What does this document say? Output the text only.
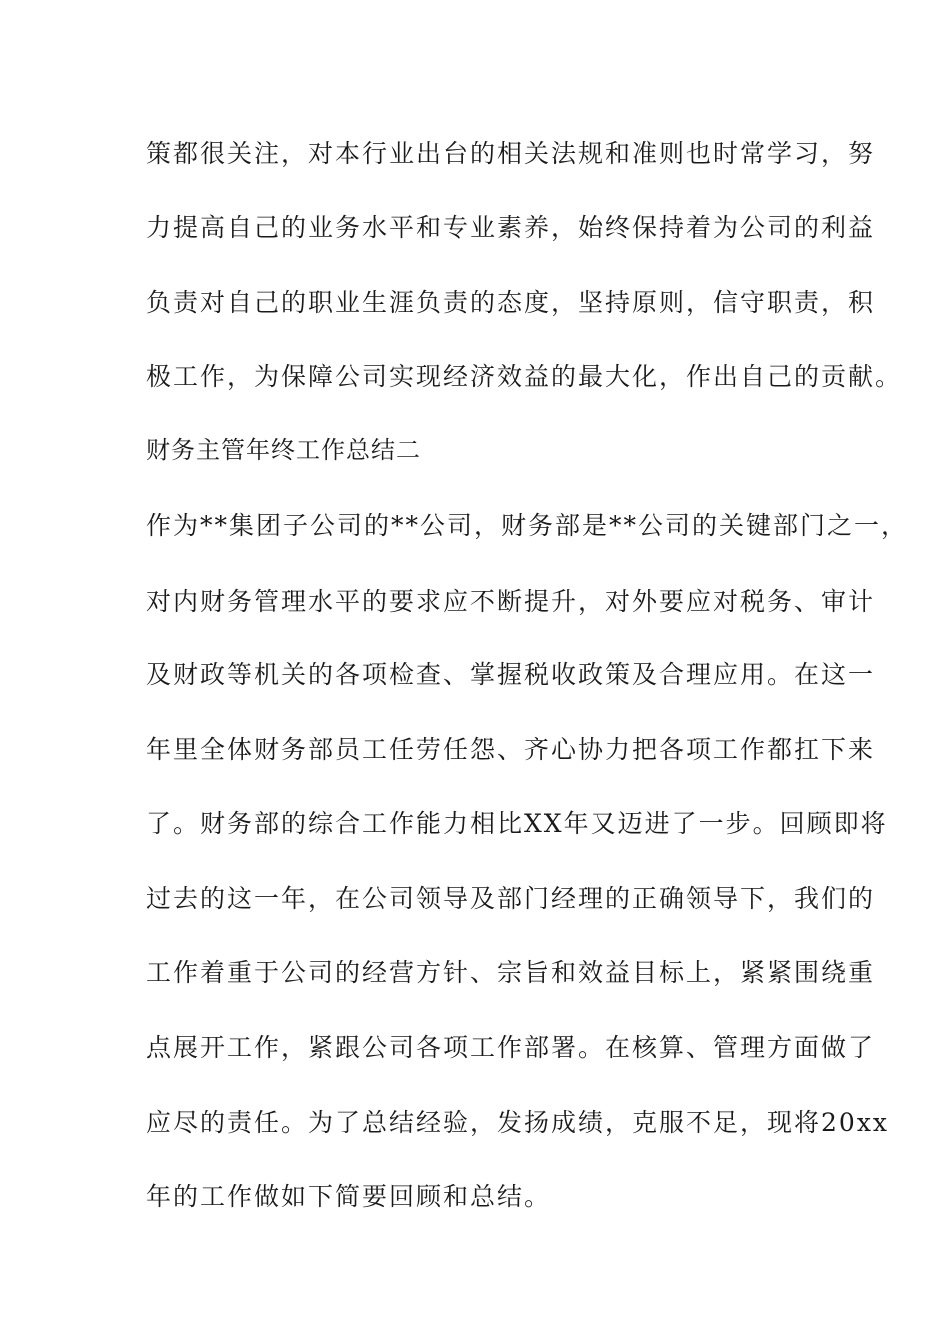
策都很关注，对本行业出台的相关法规和准则也时常学习，努
力提高自己的业务水平和专业素养，始终保持着为公司的利益
负责对自己的职业生涯负责的态度，坚持原则，信守职责，积
极工作，为保障公司实现经济效益的最大化，作出自己的贡献。
财务主管年终工作总结二
作为**集团子公司的**公司，财务部是**公司的关键部门之一，
对内财务管理水平的要求应不断提升，对外要应对税务、审计
及财政等机关的各项检查、掌握税收政策及合理应用。在这一
年里全体财务部员工任劳任怨、齐心协力把各项工作都扛下来
了。财务部的综合工作能力相比XX年又迈进了一步。回顾即将
过去的这一年，在公司领导及部门经理的正确领导下，我们的
工作着重于公司的经营方针、宗旨和效益目标上，紧紧围绕重
点展开工作，紧跟公司各项工作部署。在核算、管理方面做了
应尽的责任。为了总结经验，发扬成绩，克服不足，现将20xx
年的工作做如下简要回顾和总结。
